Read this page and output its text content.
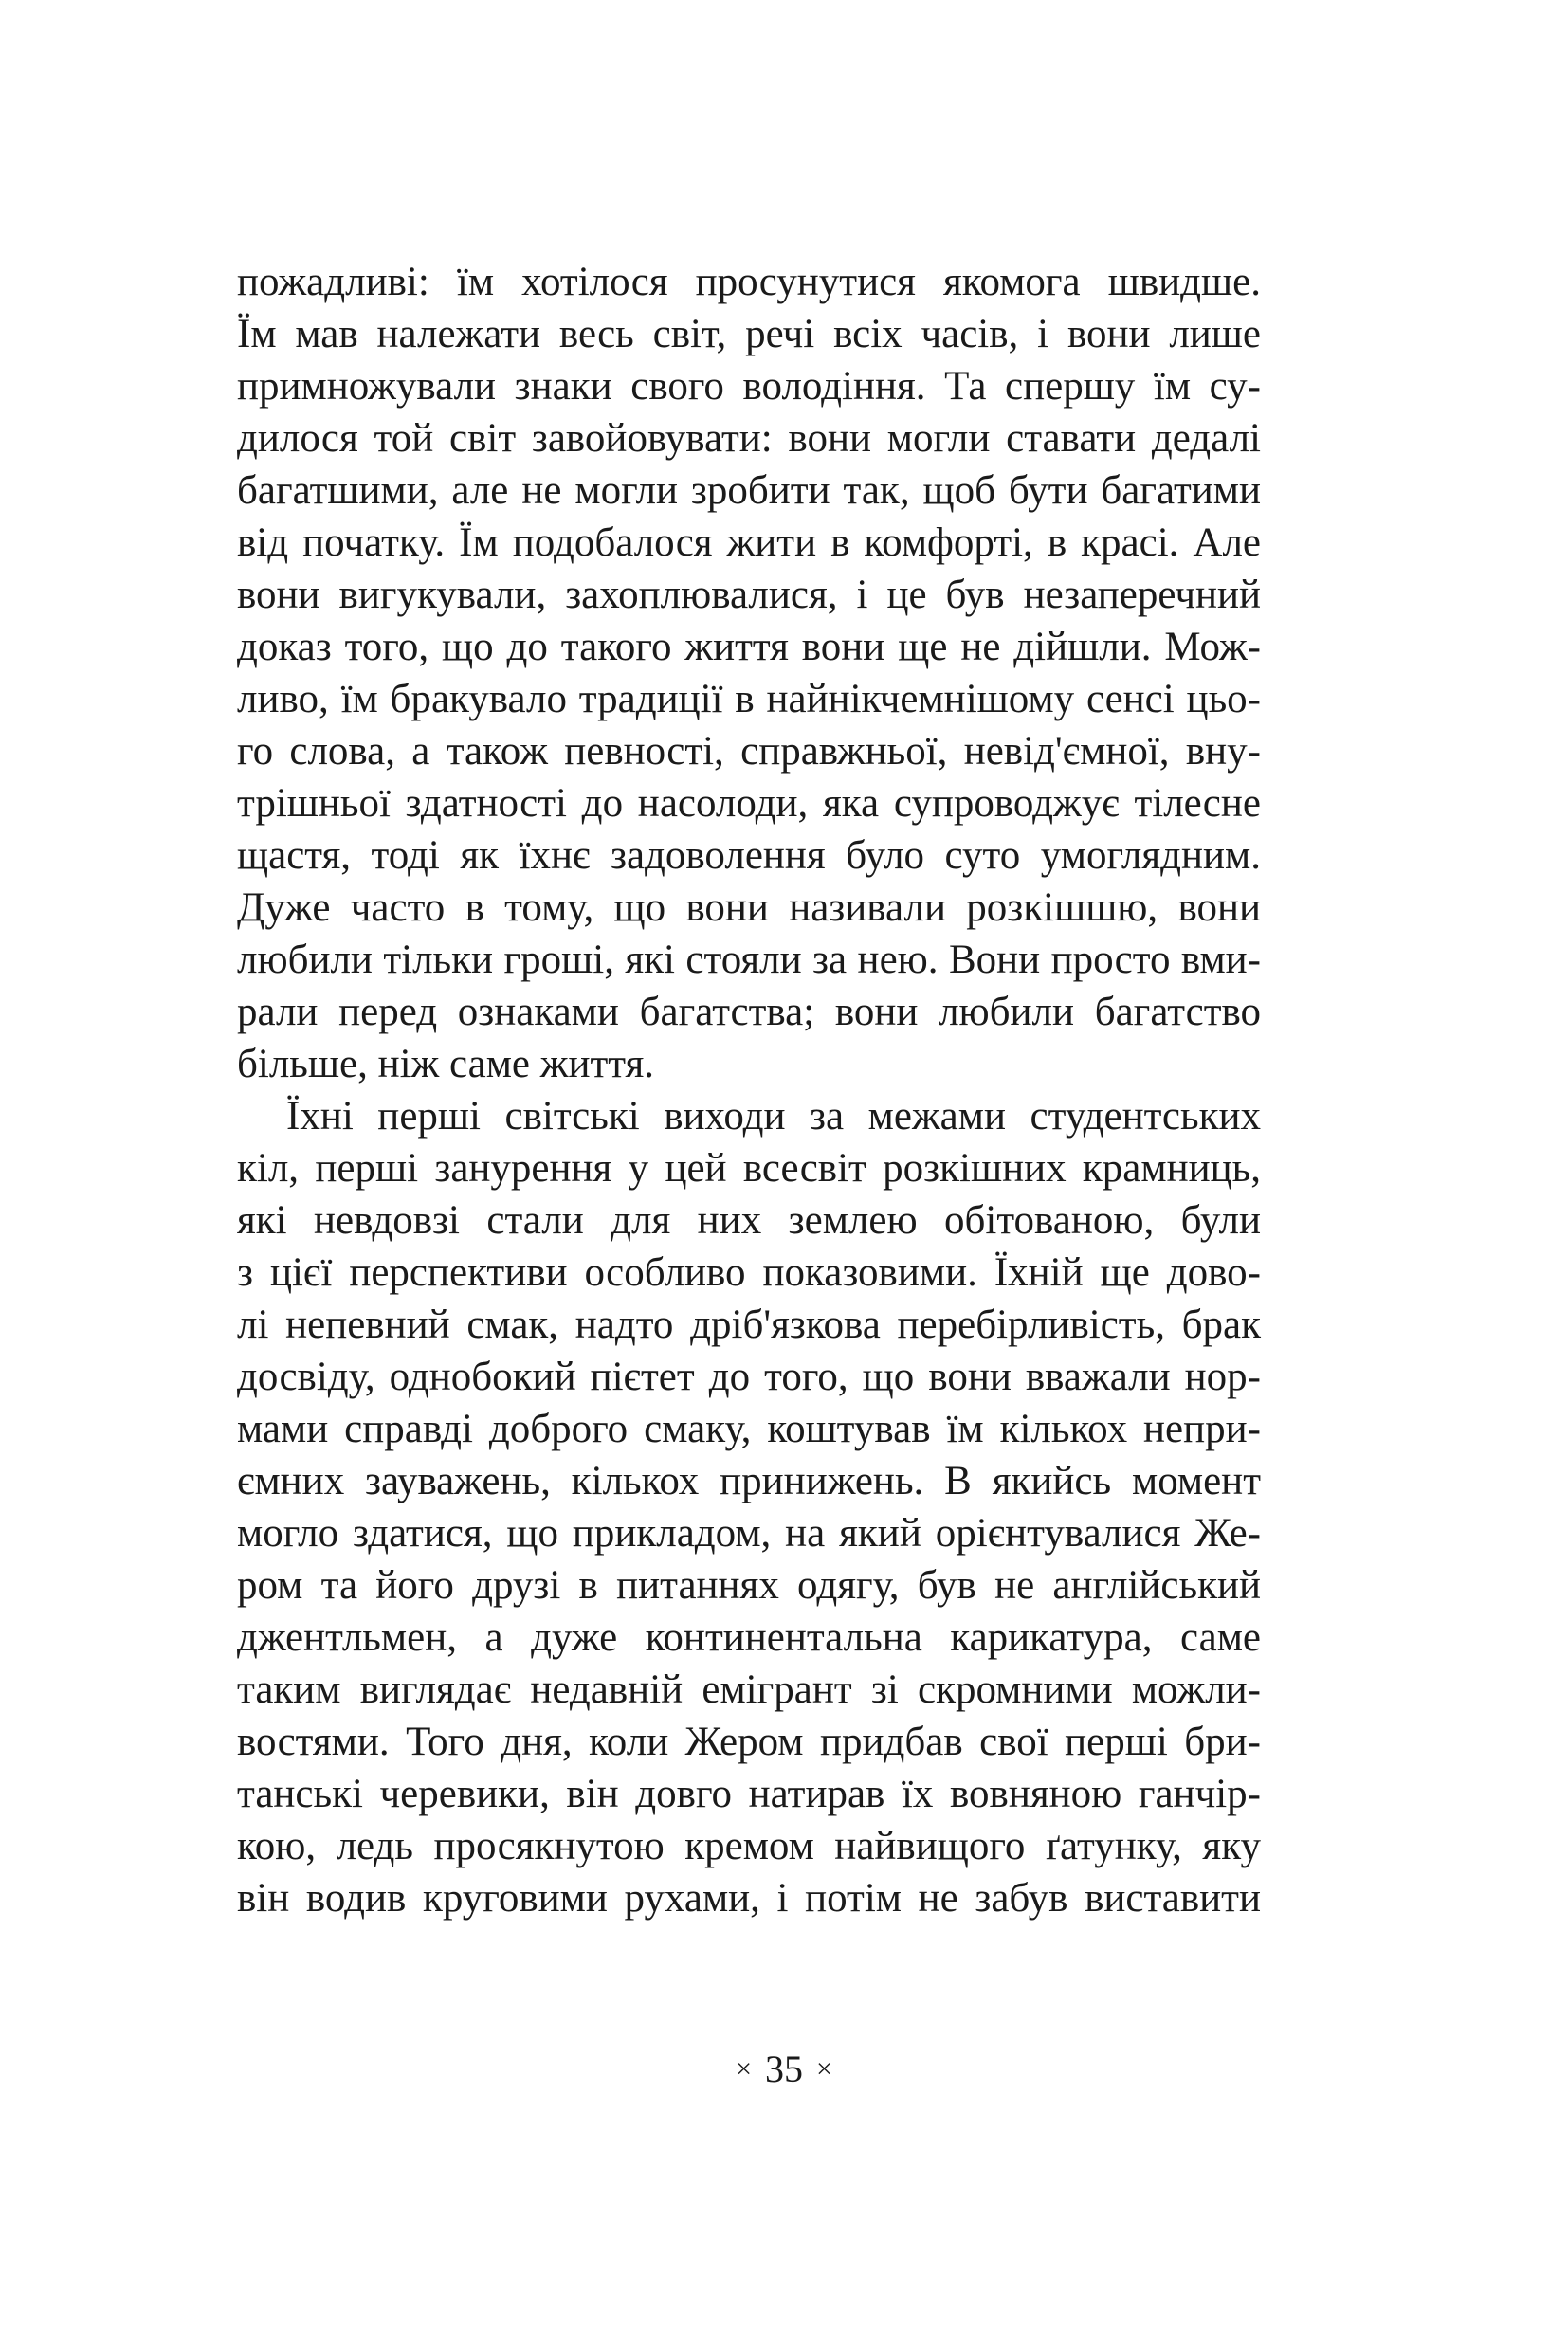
пожадливі: їм хотілося просунутися якомога швидше.
Їм мав належати весь світ, речі всіх часів, і вони лише
примножували знаки свого володіння. Та спершу їм су-
дилося той світ завойовувати: вони могли ставати дедалі
багатшими, але не могли зробити так, щоб бути багатими
від початку. Їм подобалося жити в комфорті, в красі. Але
вони вигукували, захоплювалися, і це був незаперечний
доказ того, що до такого життя вони ще не дійшли. Мож-
ливо, їм бракувало традиції в найнікчемнішому сенсі цьо-
го слова, а також певності, справжньої, невід'ємної, вну-
трішньої здатності до насолоди, яка супроводжує тілесне
щастя, тоді як їхнє задоволення було суто умоглядним.
Дуже часто в тому, що вони називали розкішшю, вони
любили тільки гроші, які стояли за нею. Вони просто вми-
рали перед ознаками багатства; вони любили багатство
більше, ніж саме життя.
Їхні перші світські виходи за межами студентських
кіл, перші занурення у цей всесвіт розкішних крамниць,
які невдовзі стали для них землею обітованою, були
з цієї перспективи особливо показовими. Їхній ще дово-
лі непевний смак, надто дріб'язкова перебірливість, брак
досвіду, однобокий пієтет до того, що вони вважали нор-
мами справді доброго смаку, коштував їм кількох непри-
ємних зауважень, кількох принижень. В якийсь момент
могло здатися, що прикладом, на який орієнтувалися Же-
ром та його друзі в питаннях одягу, був не англійський
джентльмен, а дуже континентальна карикатура, саме
таким виглядає недавній емігрант зі скромними можли-
востями. Того дня, коли Жером придбав свої перші бри-
танські черевики, він довго натирав їх вовняною ганчір-
кою, ледь просякнутою кремом найвищого ґатунку, яку
він водив круговими рухами, і потім не забув виставити
× 35 ×
